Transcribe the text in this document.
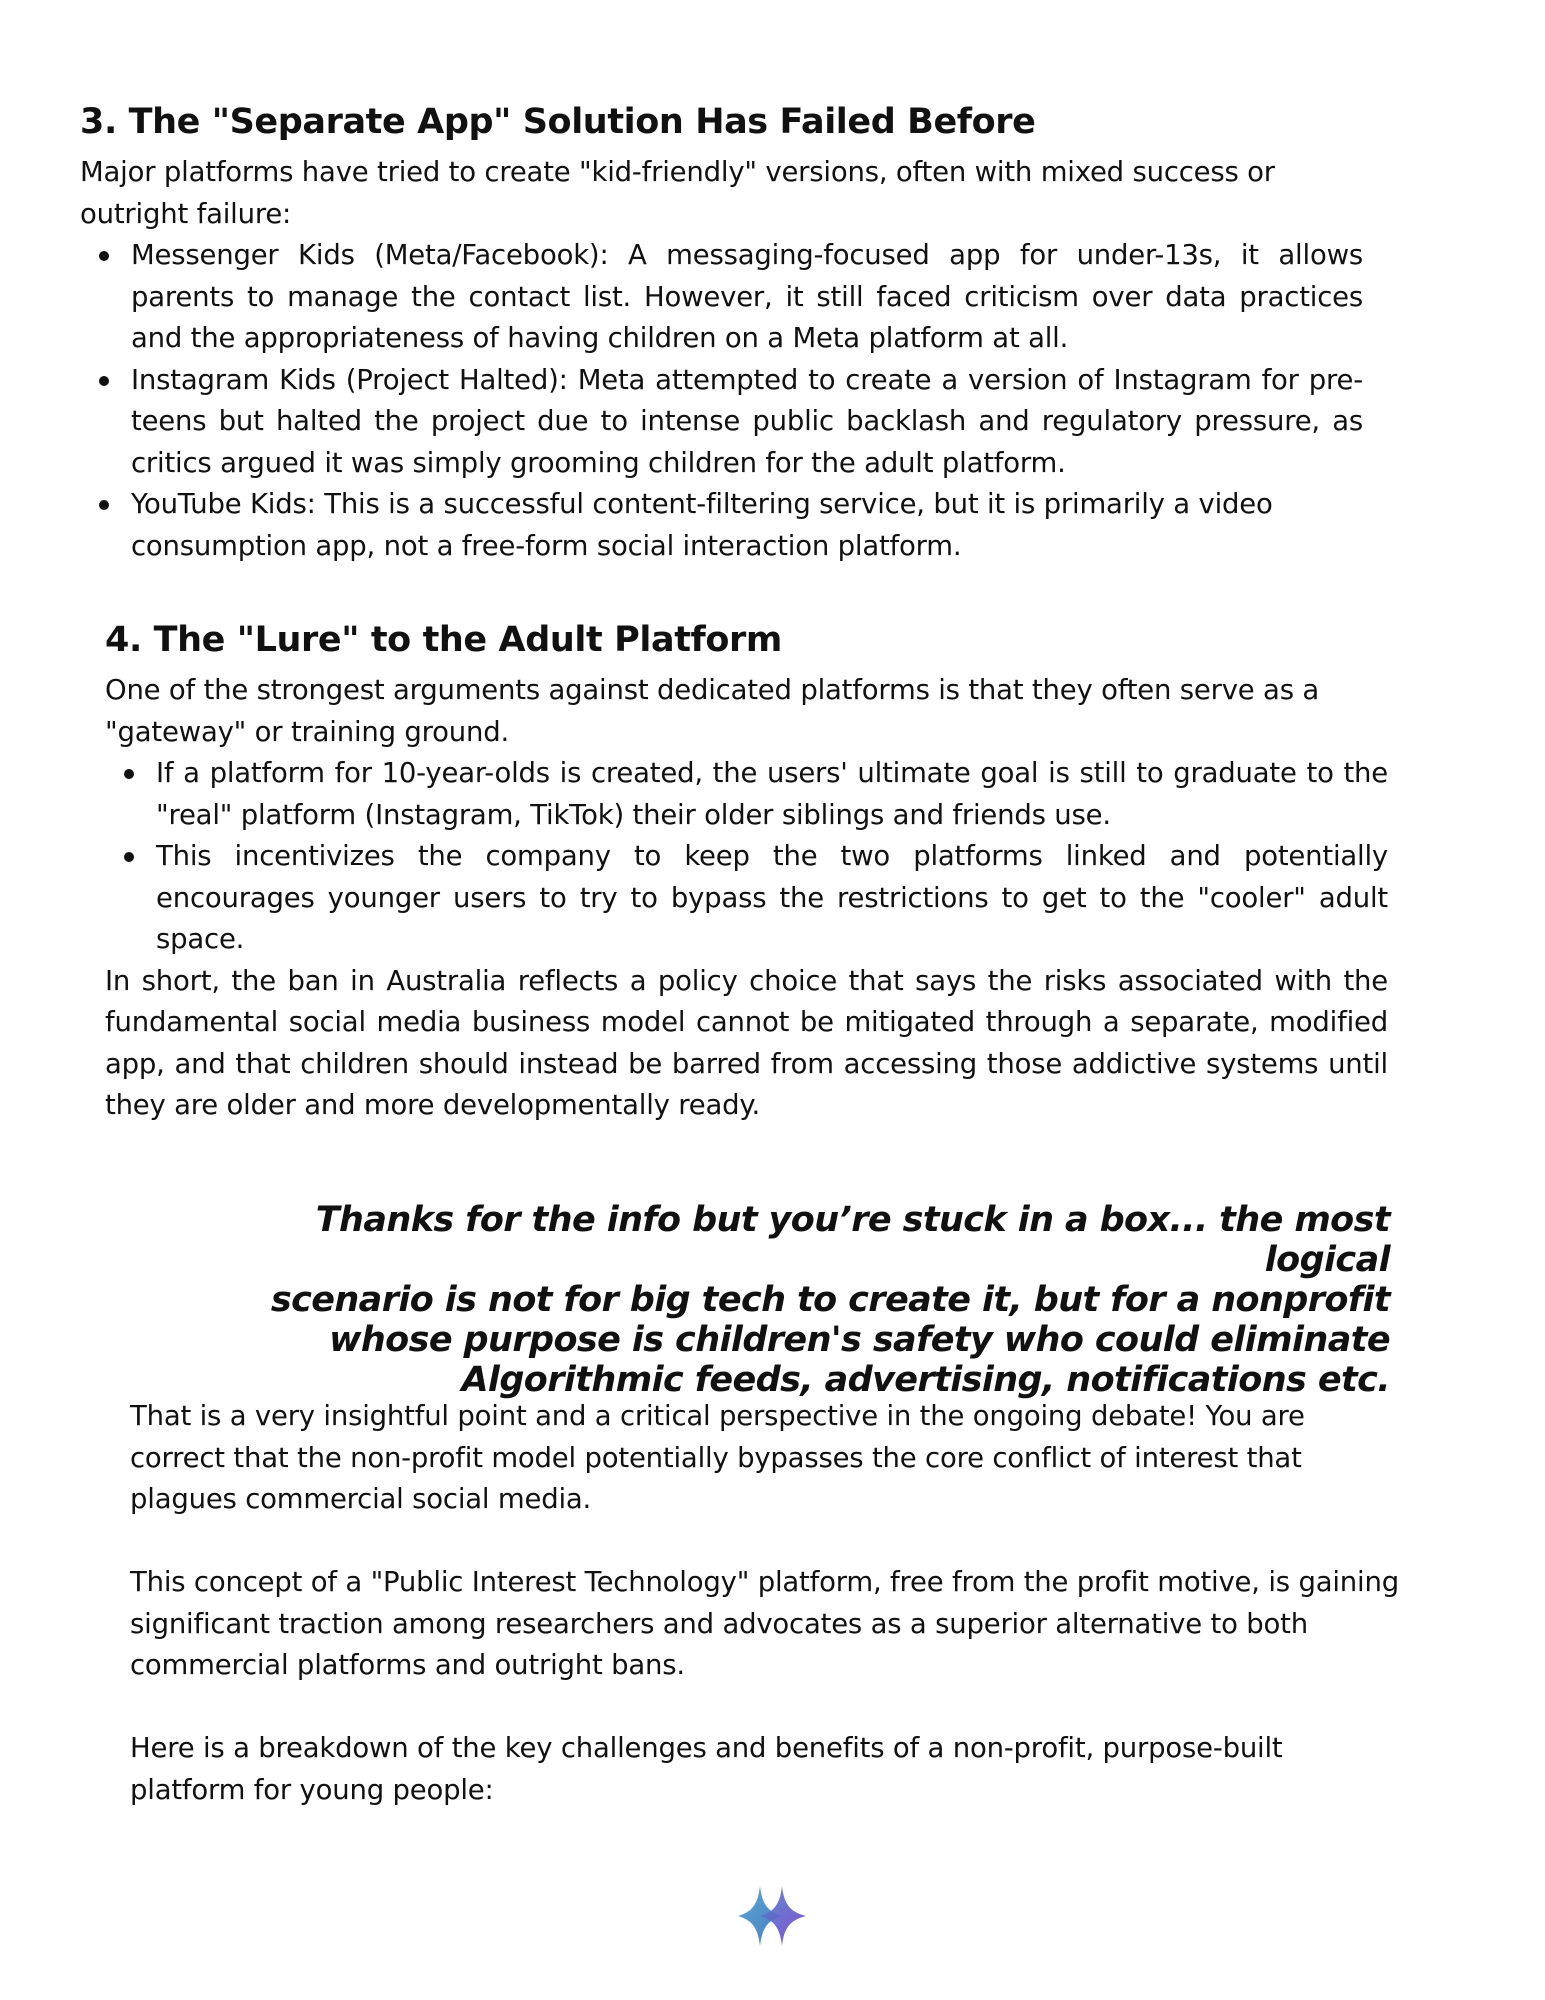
3. The "Separate App" Solution Has Failed Before

Major platforms have tried to create "kid-friendly" versions, often with mixed success or outright failure:

Messenger Kids (Meta/Facebook): A messaging-focused app for under-13s, it allows parents to manage the contact list. However, it still faced criticism over data practices and the appropriateness of having children on a Meta platform at all.
Instagram Kids (Project Halted): Meta attempted to create a version of Instagram for pre-teens but halted the project due to intense public backlash and regulatory pressure, as critics argued it was simply grooming children for the adult platform.
YouTube Kids: This is a successful content-filtering service, but it is primarily a video consumption app, not a free-form social interaction platform.
4. The "Lure" to the Adult Platform

One of the strongest arguments against dedicated platforms is that they often serve as a "gateway" or training ground.

If a platform for 10-year-olds is created, the users' ultimate goal is still to graduate to the "real" platform (Instagram, TikTok) their older siblings and friends use.
This incentivizes the company to keep the two platforms linked and potentially encourages younger users to try to bypass the restrictions to get to the "cooler" adult space.

In short, the ban in Australia reflects a policy choice that says the risks associated with the fundamental social media business model cannot be mitigated through a separate, modified app, and that children should instead be barred from accessing those addictive systems until they are older and more developmentally ready.

Thanks for the info but you’re stuck in a box... the most logical
scenario is not for big tech to create it, but for a nonprofit
whose purpose is children's safety who could eliminate
Algorithmic feeds, advertising, notifications etc.

That is a very insightful point and a critical perspective in the ongoing debate! You are correct that the non-profit model potentially bypasses the core conflict of interest that plagues commercial social media.

This concept of a "Public Interest Technology" platform, free from the profit motive, is gaining significant traction among researchers and advocates as a superior alternative to both commercial platforms and outright bans.

Here is a breakdown of the key challenges and benefits of a non-profit, purpose-built platform for young people:
